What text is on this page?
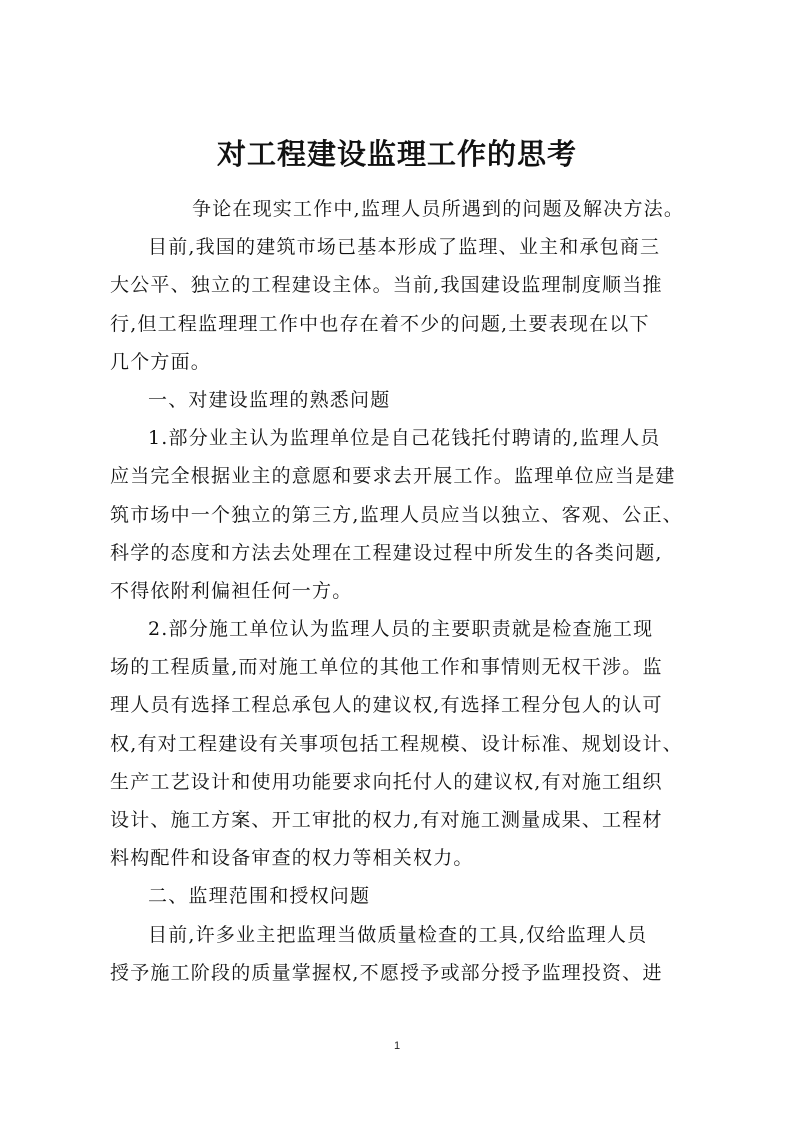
对工程建设监理工作的思考
争论在现实工作中,监理人员所遇到的问题及解决方法。
目前,我国的建筑市场已基本形成了监理、业主和承包商三
大公平、独立的工程建设主体。当前,我国建设监理制度顺当推
行,但工程监理理工作中也存在着不少的问题,土要表现在以下
几个方面。
一、对建设监理的熟悉问题
1.部分业主认为监理单位是自己花钱托付聘请的,监理人员
应当完全根据业主的意愿和要求去开展工作。监理单位应当是建
筑市场中一个独立的第三方,监理人员应当以独立、客观、公正、
科学的态度和方法去处理在工程建设过程中所发生的各类问题,
不得依附利偏袒任何一方。
2.部分施工单位认为监理人员的主要职责就是检查施工现
场的工程质量,而对施工单位的其他工作和事情则无权干涉。监
理人员有选择工程总承包人的建议权,有选择工程分包人的认可
权,有对工程建设有关事项包括工程规模、设计标准、规划设计、
生产工艺设计和使用功能要求向托付人的建议权,有对施工组织
设计、施工方案、开工审批的权力,有对施工测量成果、工程材
料构配件和设备审查的权力等相关权力。
二、监理范围和授权问题
目前,许多业主把监理当做质量检查的工具,仅给监理人员
授予施工阶段的质量掌握权,不愿授予或部分授予监理投资、进
1
